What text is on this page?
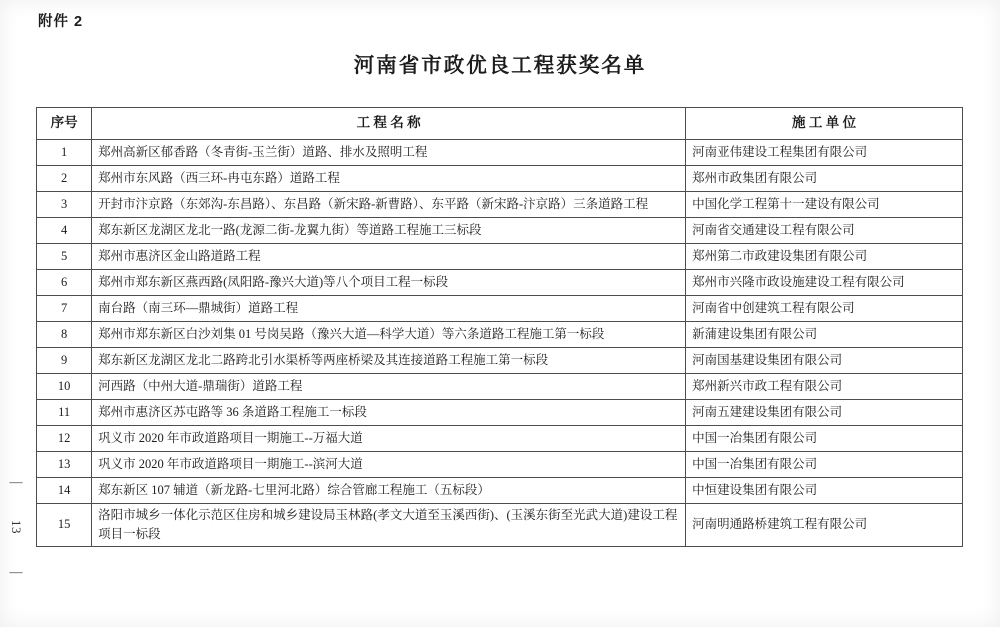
附件 2
河南省市政优良工程获奖名单
序号	工 程 名 称	施 工 单 位
1	郑州高新区郁香路（冬青街-玉兰街）道路、排水及照明工程	河南亚伟建设工程集团有限公司
2	郑州市东风路（西三环-冉屯东路）道路工程	郑州市政集团有限公司
3	开封市汴京路（东郊沟-东昌路）、东昌路（新宋路-新曹路）、东平路（新宋路-汴京路）三条道路工程	中国化学工程第十一建设有限公司
4	郑东新区龙湖区龙北一路(龙源二街-龙翼九街）等道路工程施工三标段	河南省交通建设工程有限公司
5	郑州市惠济区金山路道路工程	郑州第二市政建设集团有限公司
6	郑州市郑东新区燕西路(凤阳路-豫兴大道)等八个项目工程一标段	郑州市兴隆市政设施建设工程有限公司
7	南台路（南三环—鼎城街）道路工程	河南省中创建筑工程有限公司
8	郑州市郑东新区白沙刘集 01 号岗吴路（豫兴大道—科学大道）等六条道路工程施工第一标段	新蒲建设集团有限公司
9	郑东新区龙湖区龙北二路跨北引水渠桥等两座桥梁及其连接道路工程施工第一标段	河南国基建设集团有限公司
10	河西路（中州大道-鼎瑞街）道路工程	郑州新兴市政工程有限公司
11	郑州市惠济区苏屯路等 36 条道路工程施工一标段	河南五建建设集团有限公司
12	巩义市 2020 年市政道路项目一期施工--万福大道	中国一冶集团有限公司
13	巩义市 2020 年市政道路项目一期施工--滨河大道	中国一冶集团有限公司
14	郑东新区 107 辅道（新龙路-七里河北路）综合管廊工程施工（五标段）	中恒建设集团有限公司
15	洛阳市城乡一体化示范区住房和城乡建设局玉林路(孝文大道至玉溪西街)、(玉溪东街至光武大道)建设工程项目一标段	河南明通路桥建筑工程有限公司
—
13
—
